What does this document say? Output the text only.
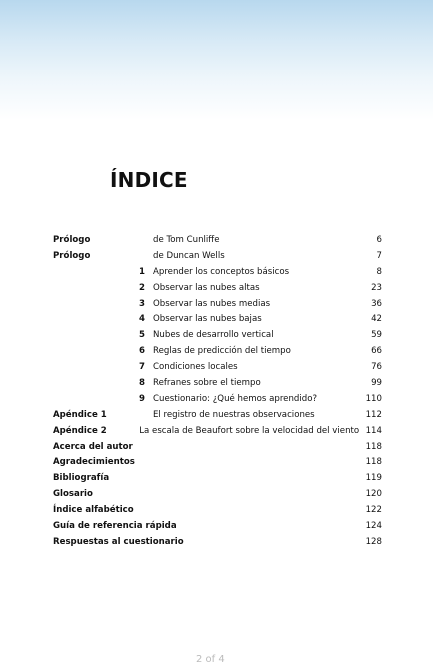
ÍNDICE
Prólogo	de Tom Cunliffe	6
Prólogo	de Duncan Wells	7
1 Aprender los conceptos básicos	8
2 Observar las nubes altas	23
3 Observar las nubes medias	36
4 Observar las nubes bajas	42
5 Nubes de desarrollo vertical	59
6 Reglas de predicción del tiempo	66
7 Condiciones locales	76
8 Refranes sobre el tiempo	99
9 Cuestionario: ¿Qué hemos aprendido?	110
Apéndice 1	El registro de nuestras observaciones	112
Apéndice 2	La escala de Beaufort sobre la velocidad del viento 114
Acerca del autor	118
Agradecimientos	118
Bibliografía	119
Glosario	120
Índice alfabético	122
Guía de referencia rápida	124
Respuestas al cuestionario	128
2 of 4
